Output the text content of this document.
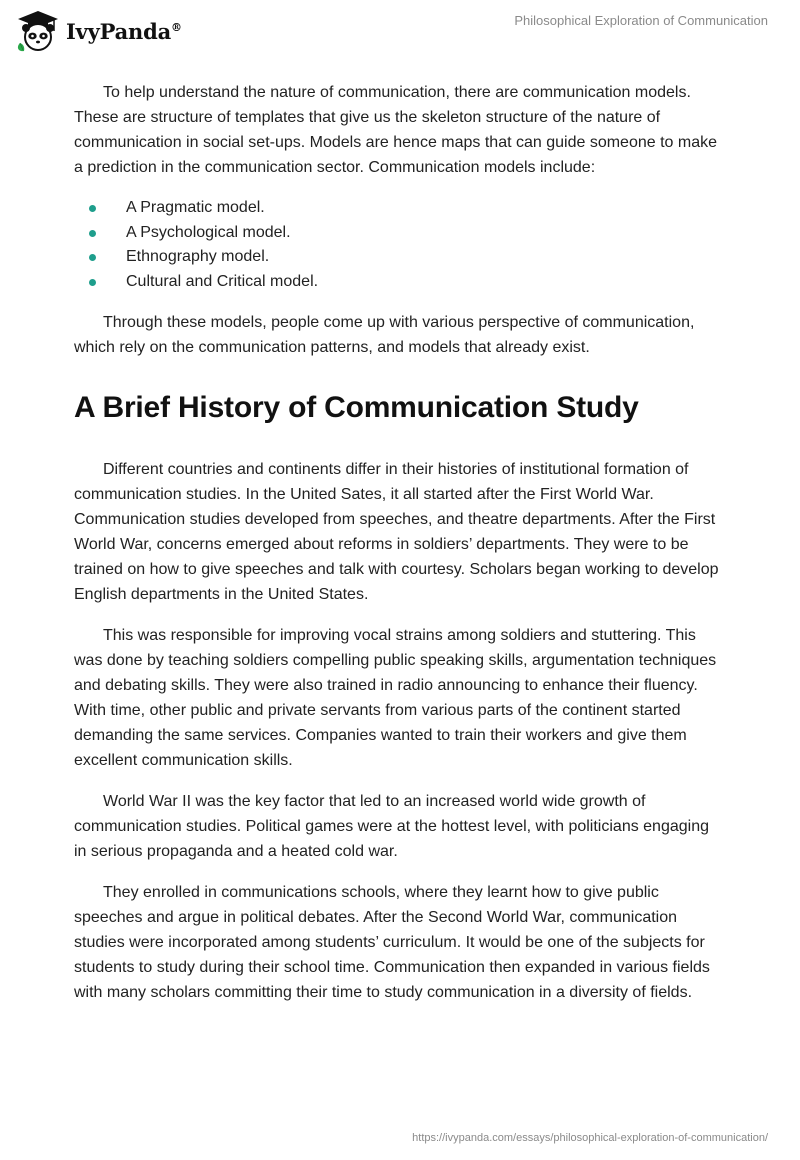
IvyPanda®	Philosophical Exploration of Communication

To help understand the nature of communication, there are communication models. These are structure of templates that give us the skeleton structure of the nature of communication in social set-ups. Models are hence maps that can guide someone to make a prediction in the communication sector. Communication models include:

A Pragmatic model.
A Psychological model.
Ethnography model.
Cultural and Critical model.

Through these models, people come up with various perspective of communication, which rely on the communication patterns, and models that already exist.

A Brief History of Communication Study

Different countries and continents differ in their histories of institutional formation of communication studies. In the United Sates, it all started after the First World War. Communication studies developed from speeches, and theatre departments. After the First World War, concerns emerged about reforms in soldiers’ departments. They were to be trained on how to give speeches and talk with courtesy. Scholars began working to develop English departments in the United States.

This was responsible for improving vocal strains among soldiers and stuttering. This was done by teaching soldiers compelling public speaking skills, argumentation techniques and debating skills. They were also trained in radio announcing to enhance their fluency. With time, other public and private servants from various parts of the continent started demanding the same services. Companies wanted to train their workers and give them excellent communication skills.

World War II was the key factor that led to an increased world wide growth of communication studies. Political games were at the hottest level, with politicians engaging in serious propaganda and a heated cold war.

They enrolled in communications schools, where they learnt how to give public speeches and argue in political debates. After the Second World War, communication studies were incorporated among students’ curriculum. It would be one of the subjects for students to study during their school time. Communication then expanded in various fields with many scholars committing their time to study communication in a diversity of fields.

https://ivypanda.com/essays/philosophical-exploration-of-communication/
